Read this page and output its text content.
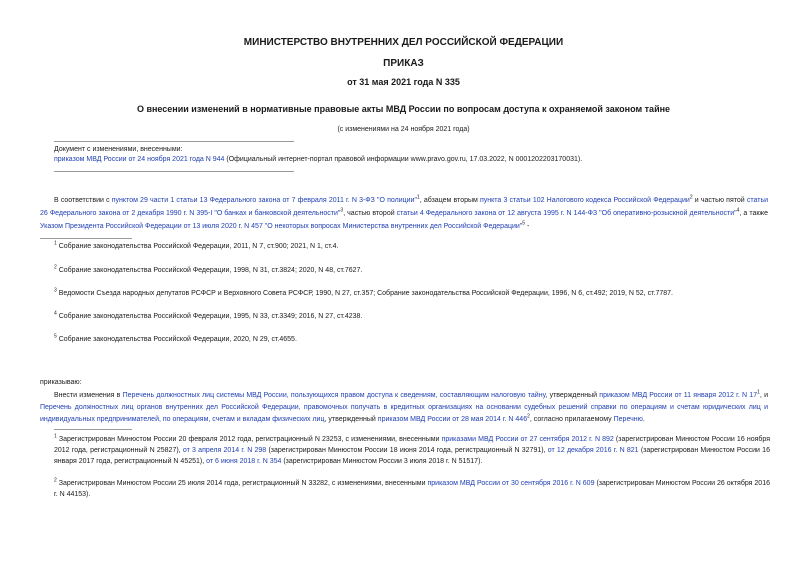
МИНИСТЕРСТВО ВНУТРЕННИХ ДЕЛ РОССИЙСКОЙ ФЕДЕРАЦИИ
ПРИКАЗ
от 31 мая 2021 года N 335
О внесении изменений в нормативные правовые акты МВД России по вопросам доступа к охраняемой законом тайне
(с изменениями на 24 ноября 2021 года)

Документ с изменениями, внесенными:

приказом МВД России от 24 ноября 2021 года N 944 (Официальный интернет-портал правовой информации www.pravo.gov.ru, 17.03.2022, N 0001202203170031).

В соответствии с пунктом 29 части 1 статьи 13 Федерального закона от 7 февраля 2011 г. N 3-ФЗ "О полиции"$^1$, абзацем вторым пункта 3 статьи 102 Налогового кодекса Российской Федерации$^2$ и частью пятой статьи 26 Федерального закона от 2 декабря 1990 г. N 395-I "О банках и банковской деятельности"$^3$, частью второй статьи 4 Федерального закона от 12 августа 1995 г. N 144-ФЗ "Об оперативно-розыскной деятельности"$^4$, а также Указом Президента Российской Федерации от 13 июля 2020 г. N 457 "О некоторых вопросах Министерства внутренних дел Российской Федерации"$^5$ -
$^1$ Собрание законодательства Российской Федерации, 2011, N 7, ст.900; 2021, N 1, ст.4.
$^2$ Собрание законодательства Российской Федерации, 1998, N 31, ст.3824; 2020, N 48, ст.7627.
$^3$ Ведомости Съезда народных депутатов РСФСР и Верховного Совета РСФСР, 1990, N 27, ст.357; Собрание законодательства Российской Федерации, 1996, N 6, ст.492; 2019, N 52, ст.7787.
$^4$ Собрание законодательства Российской Федерации, 1995, N 33, ст.3349; 2016, N 27, ст.4238.
$^5$ Собрание законодательства Российской Федерации, 2020, N 29, ст.4655.
приказываю:
Внести изменения в Перечень должностных лиц системы МВД России, пользующихся правом доступа к сведениям, составляющим налоговую тайну, утвержденный приказом МВД России от 11 января 2012 г. N $17^1$, и Перечень должностных лиц органов внутренних дел Российской Федерации, правомочных получать в кредитных организациях на основании судебных решений справки по операциям и счетам юридических лиц и индивидуальных предпринимателей, по операциям, счетам и вкладам физических лиц, утвержденный приказом МВД России от 28 мая 2014 г. N $446^2$, согласно прилагаемому Перечню.
$^1$ Зарегистрирован Минюстом России 20 февраля 2012 года, регистрационный N 23253, с изменениями, внесенными приказами МВД России от 27 сентября 2012 г. N 892 (зарегистрирован Минюстом России 16 ноября 2012 года, регистрационный N 25827), от 3 апреля 2014 г. N 298 (зарегистрирован Минюстом России 18 июня 2014 года, регистрационный N 32791), от 12 декабря 2016 г. N 821 (зарегистрирован Минюстом России 16 января 2017 года, регистрационный N 45251), от 6 июня 2018 г. N 354 (зарегистрирован Минюстом России 3 июля 2018 г. N 51517).
$^2$ Зарегистрирован Минюстом России 25 июля 2014 года, регистрационный N 33282, с изменениями, внесенными приказом МВД России от 30 сентября 2016 г. N 609 (зарегистрирован Минюстом России 26 октября 2016 г. N 44153).
